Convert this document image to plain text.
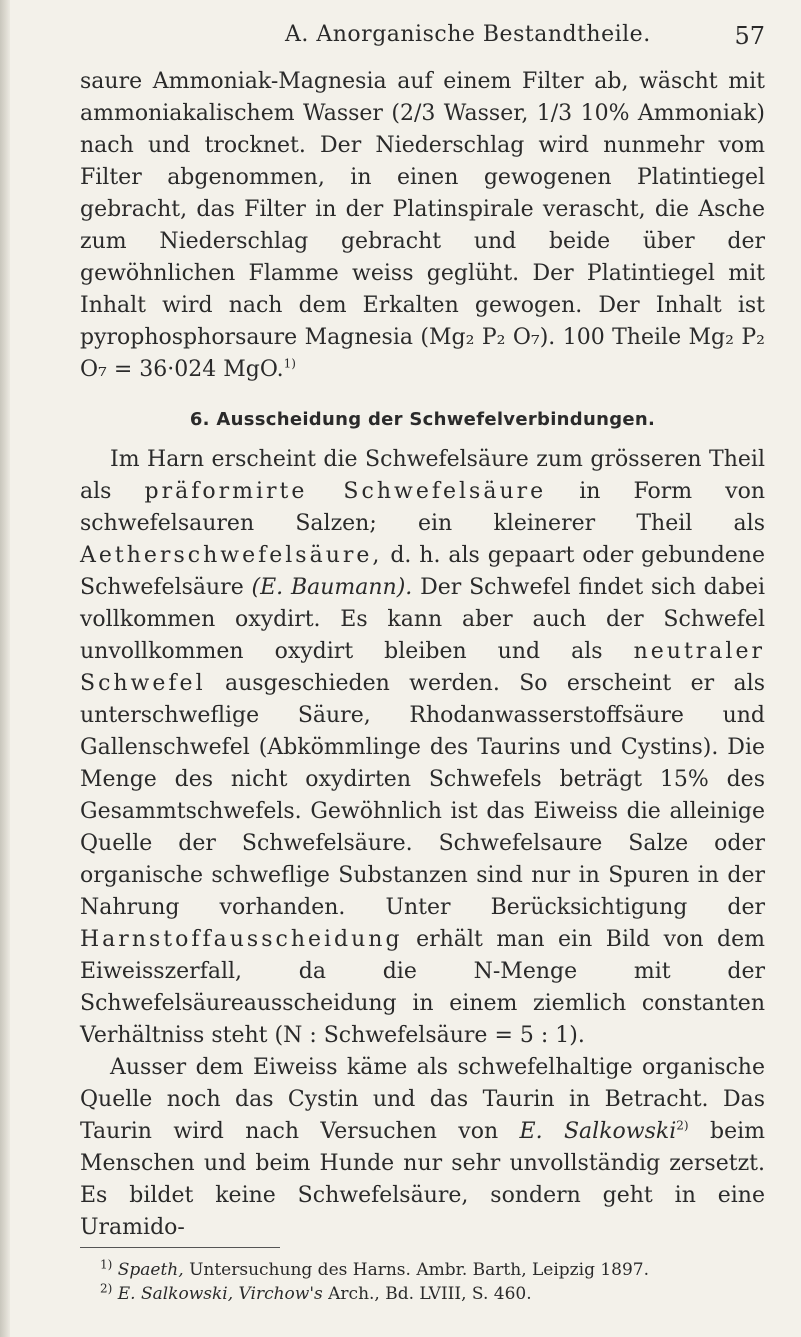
A. Anorganische Bestandtheile.	57

saure Ammoniak-Magnesia auf einem Filter ab, wäscht mit ammoniakalischem Wasser (2/3 Wasser, 1/3 10% Ammoniak) nach und trocknet. Der Niederschlag wird nunmehr vom Filter abgenommen, in einen gewogenen Platintiegel gebracht, das Filter in der Platinspirale verascht, die Asche zum Niederschlag gebracht und beide über der gewöhnlichen Flamme weiss geglüht. Der Platintiegel mit Inhalt wird nach dem Erkalten gewogen. Der Inhalt ist pyrophosphorsaure Magnesia (Mg₂ P₂ O₇). 100 Theile Mg₂ P₂ O₇ = 36·024 MgO.$^{1)}$

6. Ausscheidung der Schwefelverbindungen.

Im Harn erscheint die Schwefelsäure zum grösseren Theil als präformirte Schwefelsäure in Form von schwefelsauren Salzen; ein kleinerer Theil als Aetherschwefelsäure, d. h. als gepaart oder gebundene Schwefelsäure (E. Baumann). Der Schwefel findet sich dabei vollkommen oxydirt. Es kann aber auch der Schwefel unvollkommen oxydirt bleiben und als neutraler Schwefel ausgeschieden werden. So erscheint er als unterschweflige Säure, Rhodanwasserstoffsäure und Gallenschwefel (Abkömmlinge des Taurins und Cystins). Die Menge des nicht oxydirten Schwefels beträgt 15% des Gesammtschwefels. Gewöhnlich ist das Eiweiss die alleinige Quelle der Schwefelsäure. Schwefelsaure Salze oder organische schweflige Substanzen sind nur in Spuren in der Nahrung vorhanden. Unter Berücksichtigung der Harnstoffausscheidung erhält man ein Bild von dem Eiweisszerfall, da die N-Menge mit der Schwefelsäureausscheidung in einem ziemlich constanten Verhältniss steht (N : Schwefelsäure = 5 : 1).

Ausser dem Eiweiss käme als schwefelhaltige organische Quelle noch das Cystin und das Taurin in Betracht. Das Taurin wird nach Versuchen von E. Salkowski$^{2)}$ beim Menschen und beim Hunde nur sehr unvollständig zersetzt. Es bildet keine Schwefelsäure, sondern geht in eine Uramido-

$^{1)}$ Spaeth, Untersuchung des Harns. Ambr. Barth, Leipzig 1897.
$^{2)}$ E. Salkowski, Virchow's Arch., Bd. LVIII, S. 460.
